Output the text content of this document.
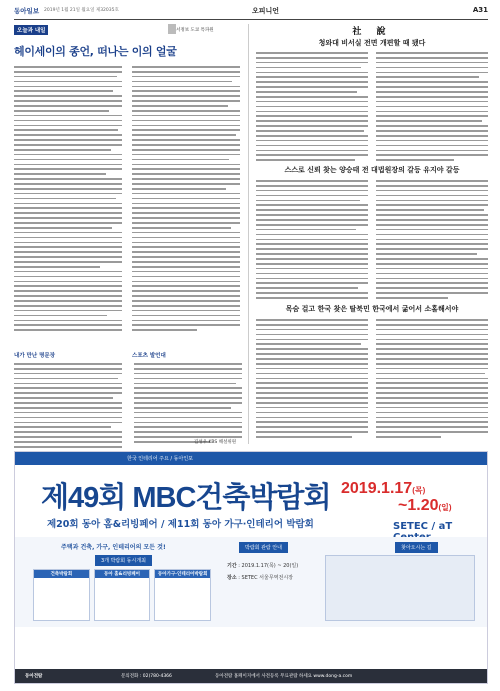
동아일보 2019년 1월 21일 월요일 제32035호	오피니언	A31
오늘과 내일	서정보 도쿄 특파원
헤이세이의 종언, 떠나는 이의 얼굴
내가 만난 명문장	스포츠 발언대
김성우 KBS 해설위원
社 說
청와대 비서실 전면 개편할 때 됐다
스스로 신뢰 찾는 양승태 전 대법원장의 갈등 유지야 갈등
목숨 걸고 한국 찾은 탈북민 한국에서 굶어서 소홀해서야
한국 인테리어 주요 / 동아인포
제49회 MBC건축박람회
제20회 동아 홈&리빙페어 / 제11회 동아 가구·인테리어 박람회
2019.1.17(목)
~1.20(일)
SETEC / aT
주택과 건축, 가구, 인테리어의 모든 것!
3개 박람회 동시개최
건축박람회	동아 홈&리빙페어	동아가구·인테리어박람회
박람회 관람 안내	찾아오시는 길
기간 : 2019.1.17(목) ~ 20(일)
장소 : SETEC 서울무역전시장
동아전람	문의전화 : 02)780-4366	동아전람 홈페이지에서 사전등록 무료관람 하세요 www.dong-a.com
